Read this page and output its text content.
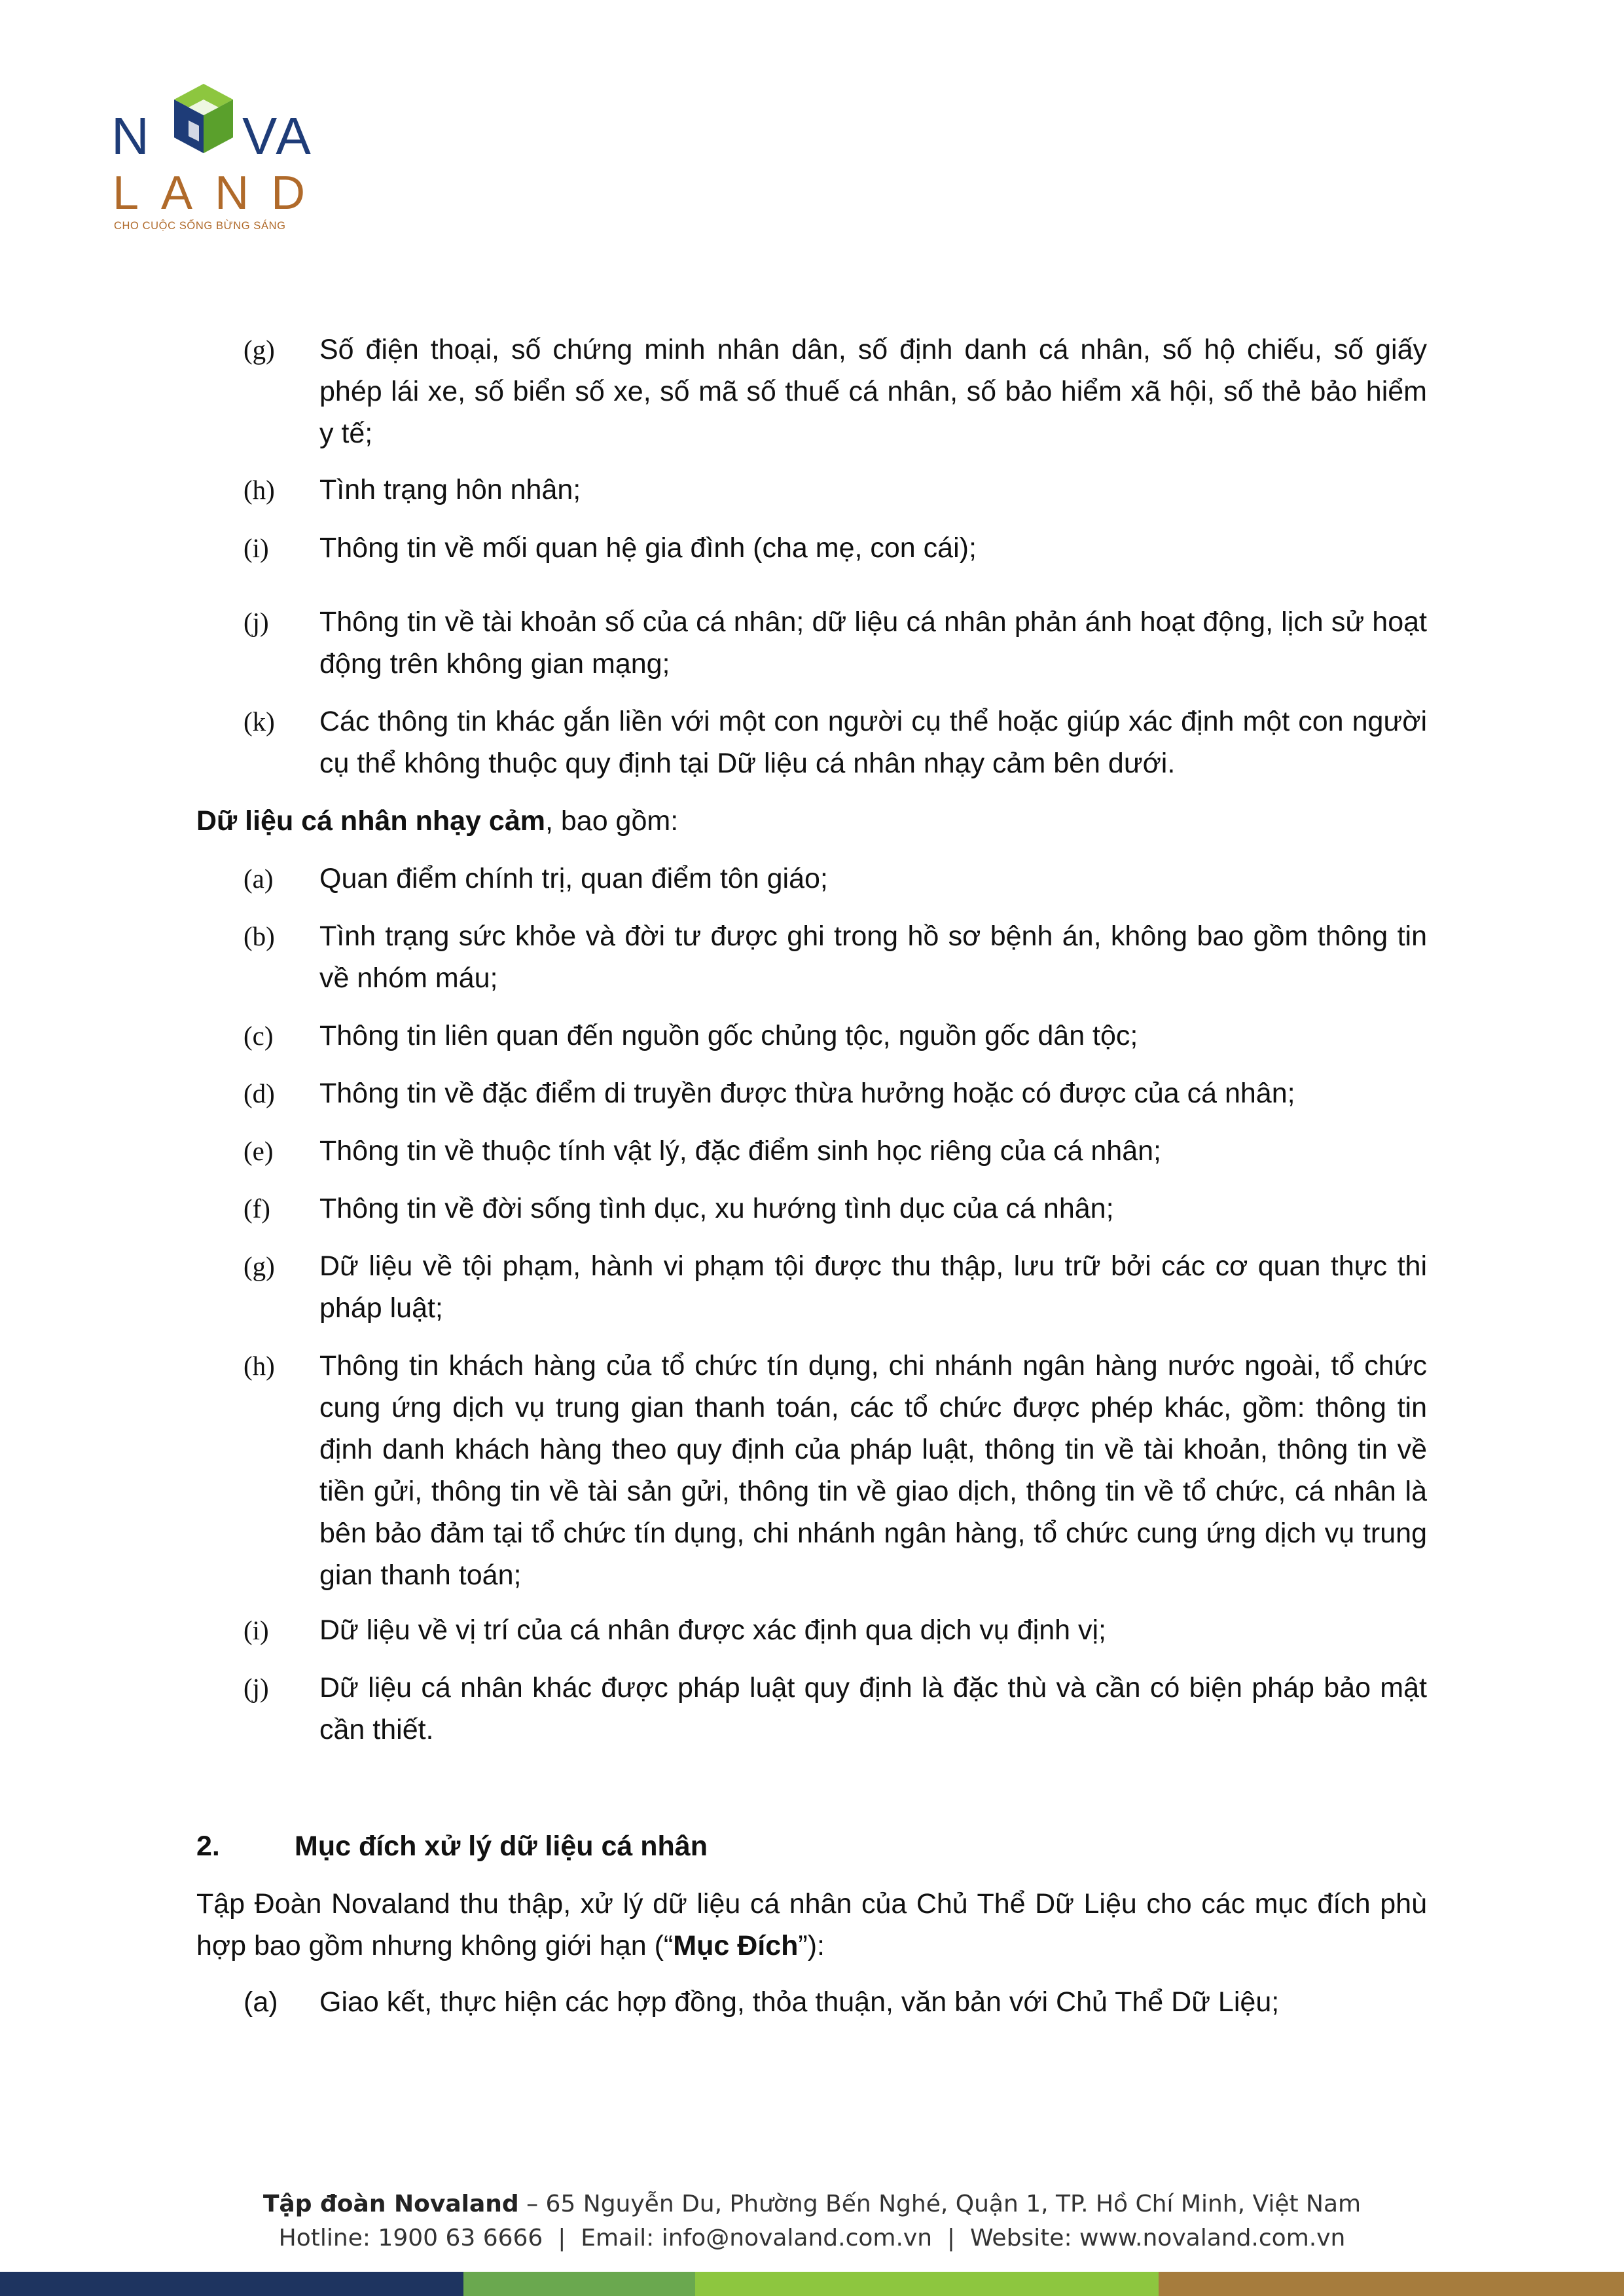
N VA
LAND
CHO CUỘC SỐNG BỪNG SÁNG
(g)	Số điện thoại, số chứng minh nhân dân, số định danh cá nhân, số hộ chiếu, số giấy phép lái xe, số biển số xe, số mã số thuế cá nhân, số bảo hiểm xã hội, số thẻ bảo hiểm y tế;
(h)	Tình trạng hôn nhân;
(i)	Thông tin về mối quan hệ gia đình (cha mẹ, con cái);
(j)	Thông tin về tài khoản số của cá nhân; dữ liệu cá nhân phản ánh hoạt động, lịch sử hoạt động trên không gian mạng;
(k)	Các thông tin khác gắn liền với một con người cụ thể hoặc giúp xác định một con người cụ thể không thuộc quy định tại Dữ liệu cá nhân nhạy cảm bên dưới.
Dữ liệu cá nhân nhạy cảm, bao gồm:
(a)	Quan điểm chính trị, quan điểm tôn giáo;
(b)	Tình trạng sức khỏe và đời tư được ghi trong hồ sơ bệnh án, không bao gồm thông tin về nhóm máu;
(c)	Thông tin liên quan đến nguồn gốc chủng tộc, nguồn gốc dân tộc;
(d)	Thông tin về đặc điểm di truyền được thừa hưởng hoặc có được của cá nhân;
(e)	Thông tin về thuộc tính vật lý, đặc điểm sinh học riêng của cá nhân;
(f)	Thông tin về đời sống tình dục, xu hướng tình dục của cá nhân;
(g)	Dữ liệu về tội phạm, hành vi phạm tội được thu thập, lưu trữ bởi các cơ quan thực thi pháp luật;
(h)	Thông tin khách hàng của tổ chức tín dụng, chi nhánh ngân hàng nước ngoài, tổ chức cung ứng dịch vụ trung gian thanh toán, các tổ chức được phép khác, gồm: thông tin định danh khách hàng theo quy định của pháp luật, thông tin về tài khoản, thông tin về tiền gửi, thông tin về tài sản gửi, thông tin về giao dịch, thông tin về tổ chức, cá nhân là bên bảo đảm tại tổ chức tín dụng, chi nhánh ngân hàng, tổ chức cung ứng dịch vụ trung gian thanh toán;
(i)	Dữ liệu về vị trí của cá nhân được xác định qua dịch vụ định vị;
(j)	Dữ liệu cá nhân khác được pháp luật quy định là đặc thù và cần có biện pháp bảo mật cần thiết.
2.	Mục đích xử lý dữ liệu cá nhân
Tập Đoàn Novaland thu thập, xử lý dữ liệu cá nhân của Chủ Thể Dữ Liệu cho các mục đích phù hợp bao gồm nhưng không giới hạn (“Mục Đích”):
(a)	Giao kết, thực hiện các hợp đồng, thỏa thuận, văn bản với Chủ Thể Dữ Liệu;
Tập đoàn Novaland – 65 Nguyễn Du, Phường Bến Nghé, Quận 1, TP. Hồ Chí Minh, Việt Nam
Hotline: 1900 63 6666  |  Email: info@novaland.com.vn  |  Website: www.novaland.com.vn
